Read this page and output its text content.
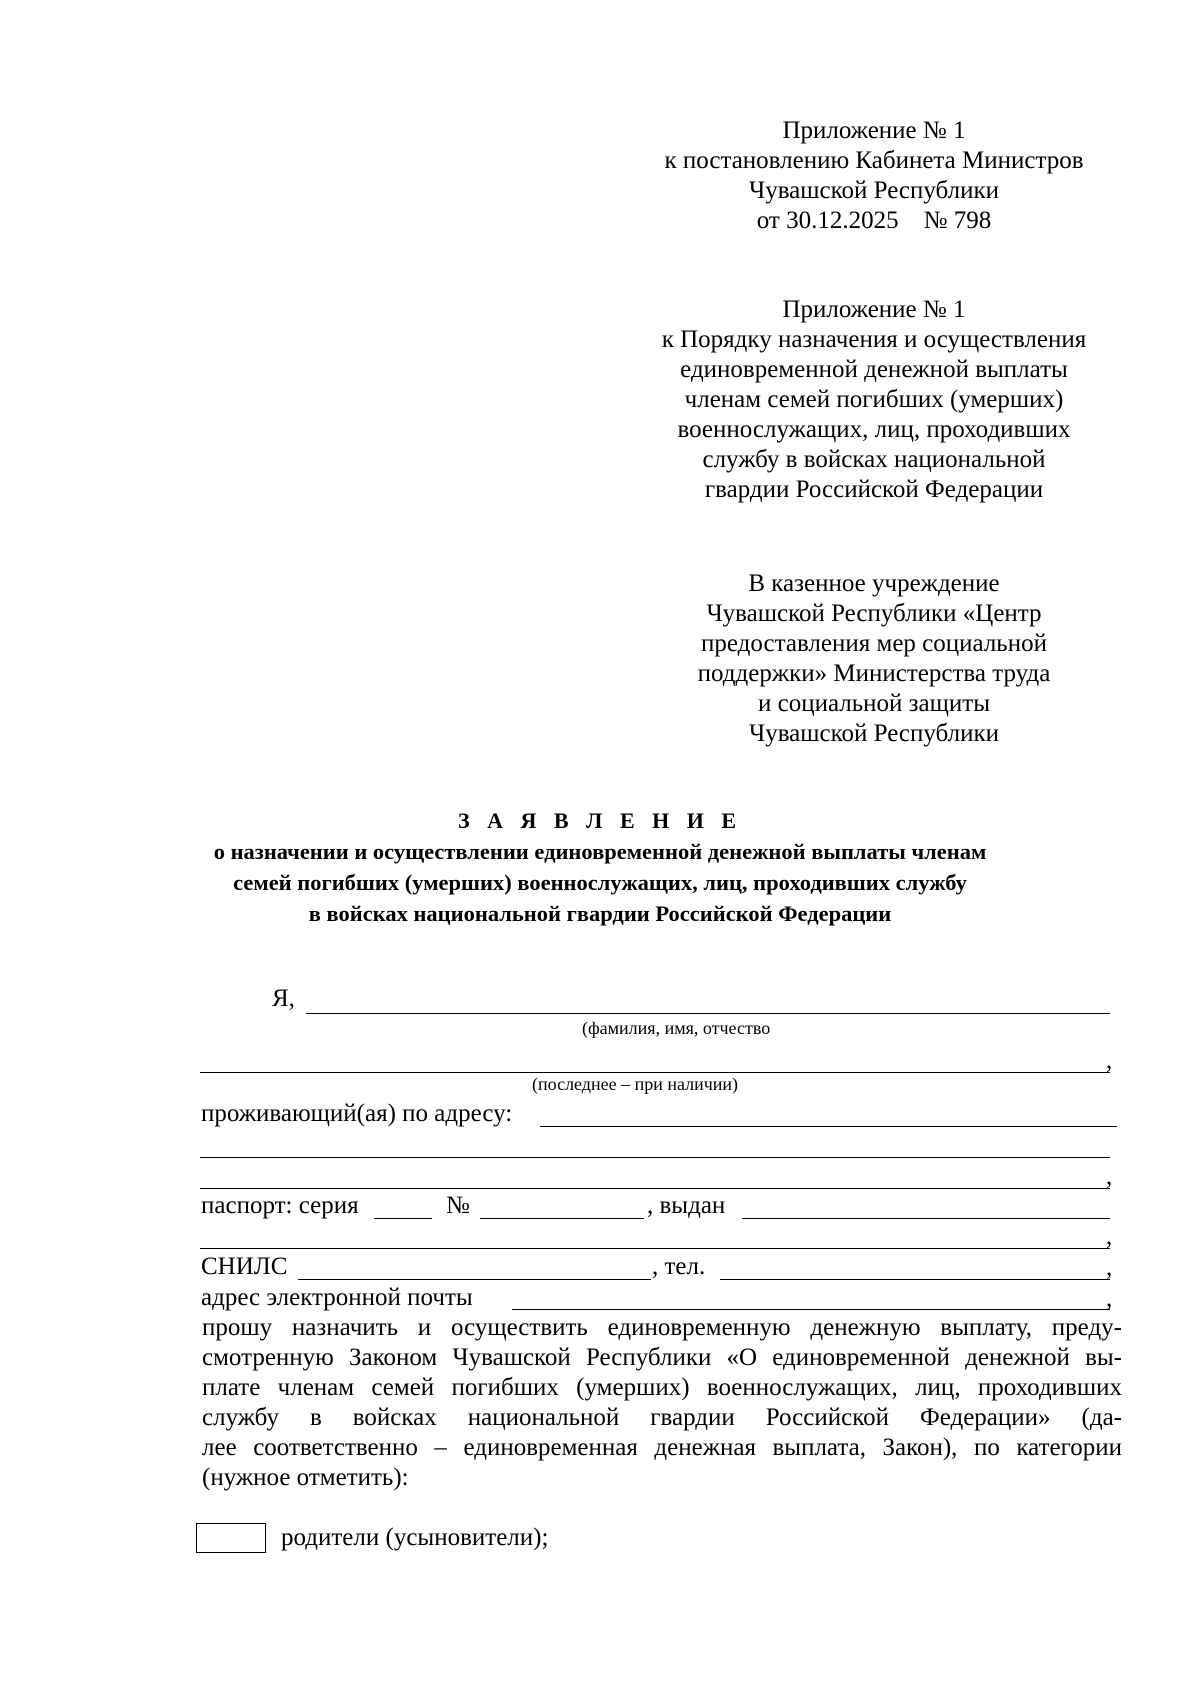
Приложение № 1
к постановлению Кабинета Министров
Чувашской Республики
от 30.12.2025    № 798
Приложение № 1
к Порядку назначения и осуществления
единовременной денежной выплаты
членам семей погибших (умерших)
военнослужащих, лиц, проходивших
службу в войсках национальной
гвардии Российской Федерации
В казенное учреждение
Чувашской Республики «Центр
предоставления мер социальной
поддержки» Министерства труда
и социальной защиты
Чувашской Республики
З А Я В Л Е Н И Е
о назначении и осуществлении единовременной денежной выплаты членам
семей погибших (умерших) военнослужащих, лиц, проходивших службу
в войсках национальной гвардии Российской Федерации
Я,
(фамилия, имя, отчество
,
(последнее – при наличии)
проживающий(ая) по адресу:
,
паспорт: серия	№	, выдан
,
СНИЛС	, тел.	,
адрес электронной почты	,
прошу назначить и осуществить единовременную денежную выплату, преду-
смотренную Законом Чувашской Республики «О единовременной денежной вы-
плате членам семей погибших (умерших) военнослужащих, лиц, проходивших
службу в войсках национальной гвардии Российской Федерации» (да-
лее соответственно – единовременная денежная выплата, Закон), по категории
(нужное отметить):
родители (усыновители);
